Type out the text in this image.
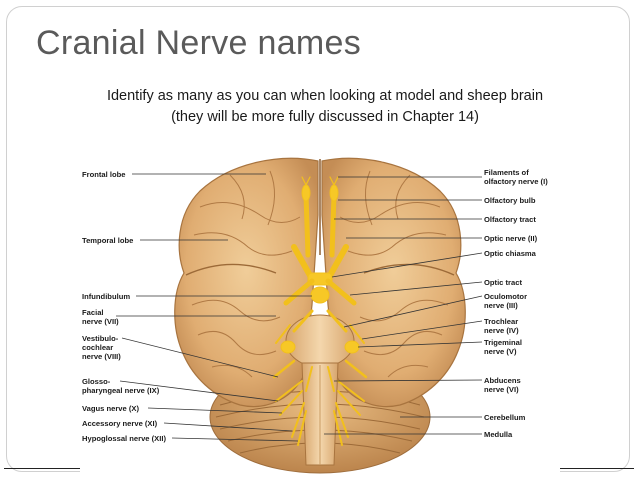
Cranial Nerve names
Identify as many as you can when looking at model and sheep brain
(they will be more fully discussed in Chapter 14)
Frontal lobe
Temporal lobe
Infundibulum
Facial nerve (VII)
Vestibulo-cochlear nerve (VIII)
Glosso-pharyngeal nerve (IX)
Vagus nerve (X)
Accessory nerve (XI)
Hypoglossal nerve (XII)
Filaments of olfactory nerve (I)
Olfactory bulb
Olfactory tract
Optic nerve (II)
Optic chiasma
Optic tract
Oculomotor nerve (III)
Trochlear nerve (IV)
Trigeminal nerve (V)
Abducens nerve (VI)
Cerebellum
Medulla
